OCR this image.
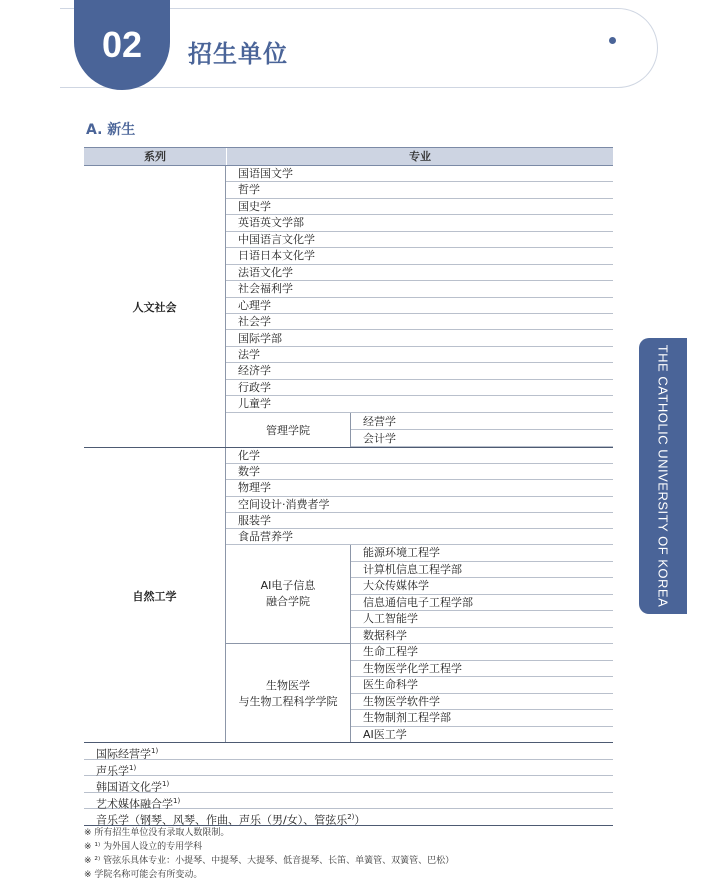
02	招生单位
A. 新生
THE CATHOLIC UNIVERSITY OF KOREA
系列	专业
人文社会
国语国文学
哲学
国史学
英语英文学部
中国语言文化学
日语日本文化学
法语文化学
社会福利学
心理学
社会学
国际学部
法学
经济学
行政学
儿童学
管理学院
经营学
会计学
自然工学
化学
数学
物理学
空间设计·消费者学
服装学
食品营养学
AI电子信息
融合学院
能源环境工程学
计算机信息工程学部
大众传媒体学
信息通信电子工程学部
人工智能学
数据科学
生物医学
与生物工程科学学院
生命工程学
生物医学化学工程学
医生命科学
生物医学软件学
生物制剂工程学部
AI医工学
国际经营学$^{1)}$
声乐学$^{1)}$
韩国语文化学$^{1)}$
艺术媒体融合学$^{1)}$
音乐学（钢琴、风琴、作曲、声乐（男/女）、管弦乐$^{2)}$）
※ 所有招生单位没有录取人数限制。
※ ¹⁾ 为外国人设立的专用学科
※ ²⁾ 管弦乐具体专业：小提琴、中提琴、大提琴、低音提琴、长笛、单簧管、双簧管、巴松）
※ 学院名称可能会有所变动。
